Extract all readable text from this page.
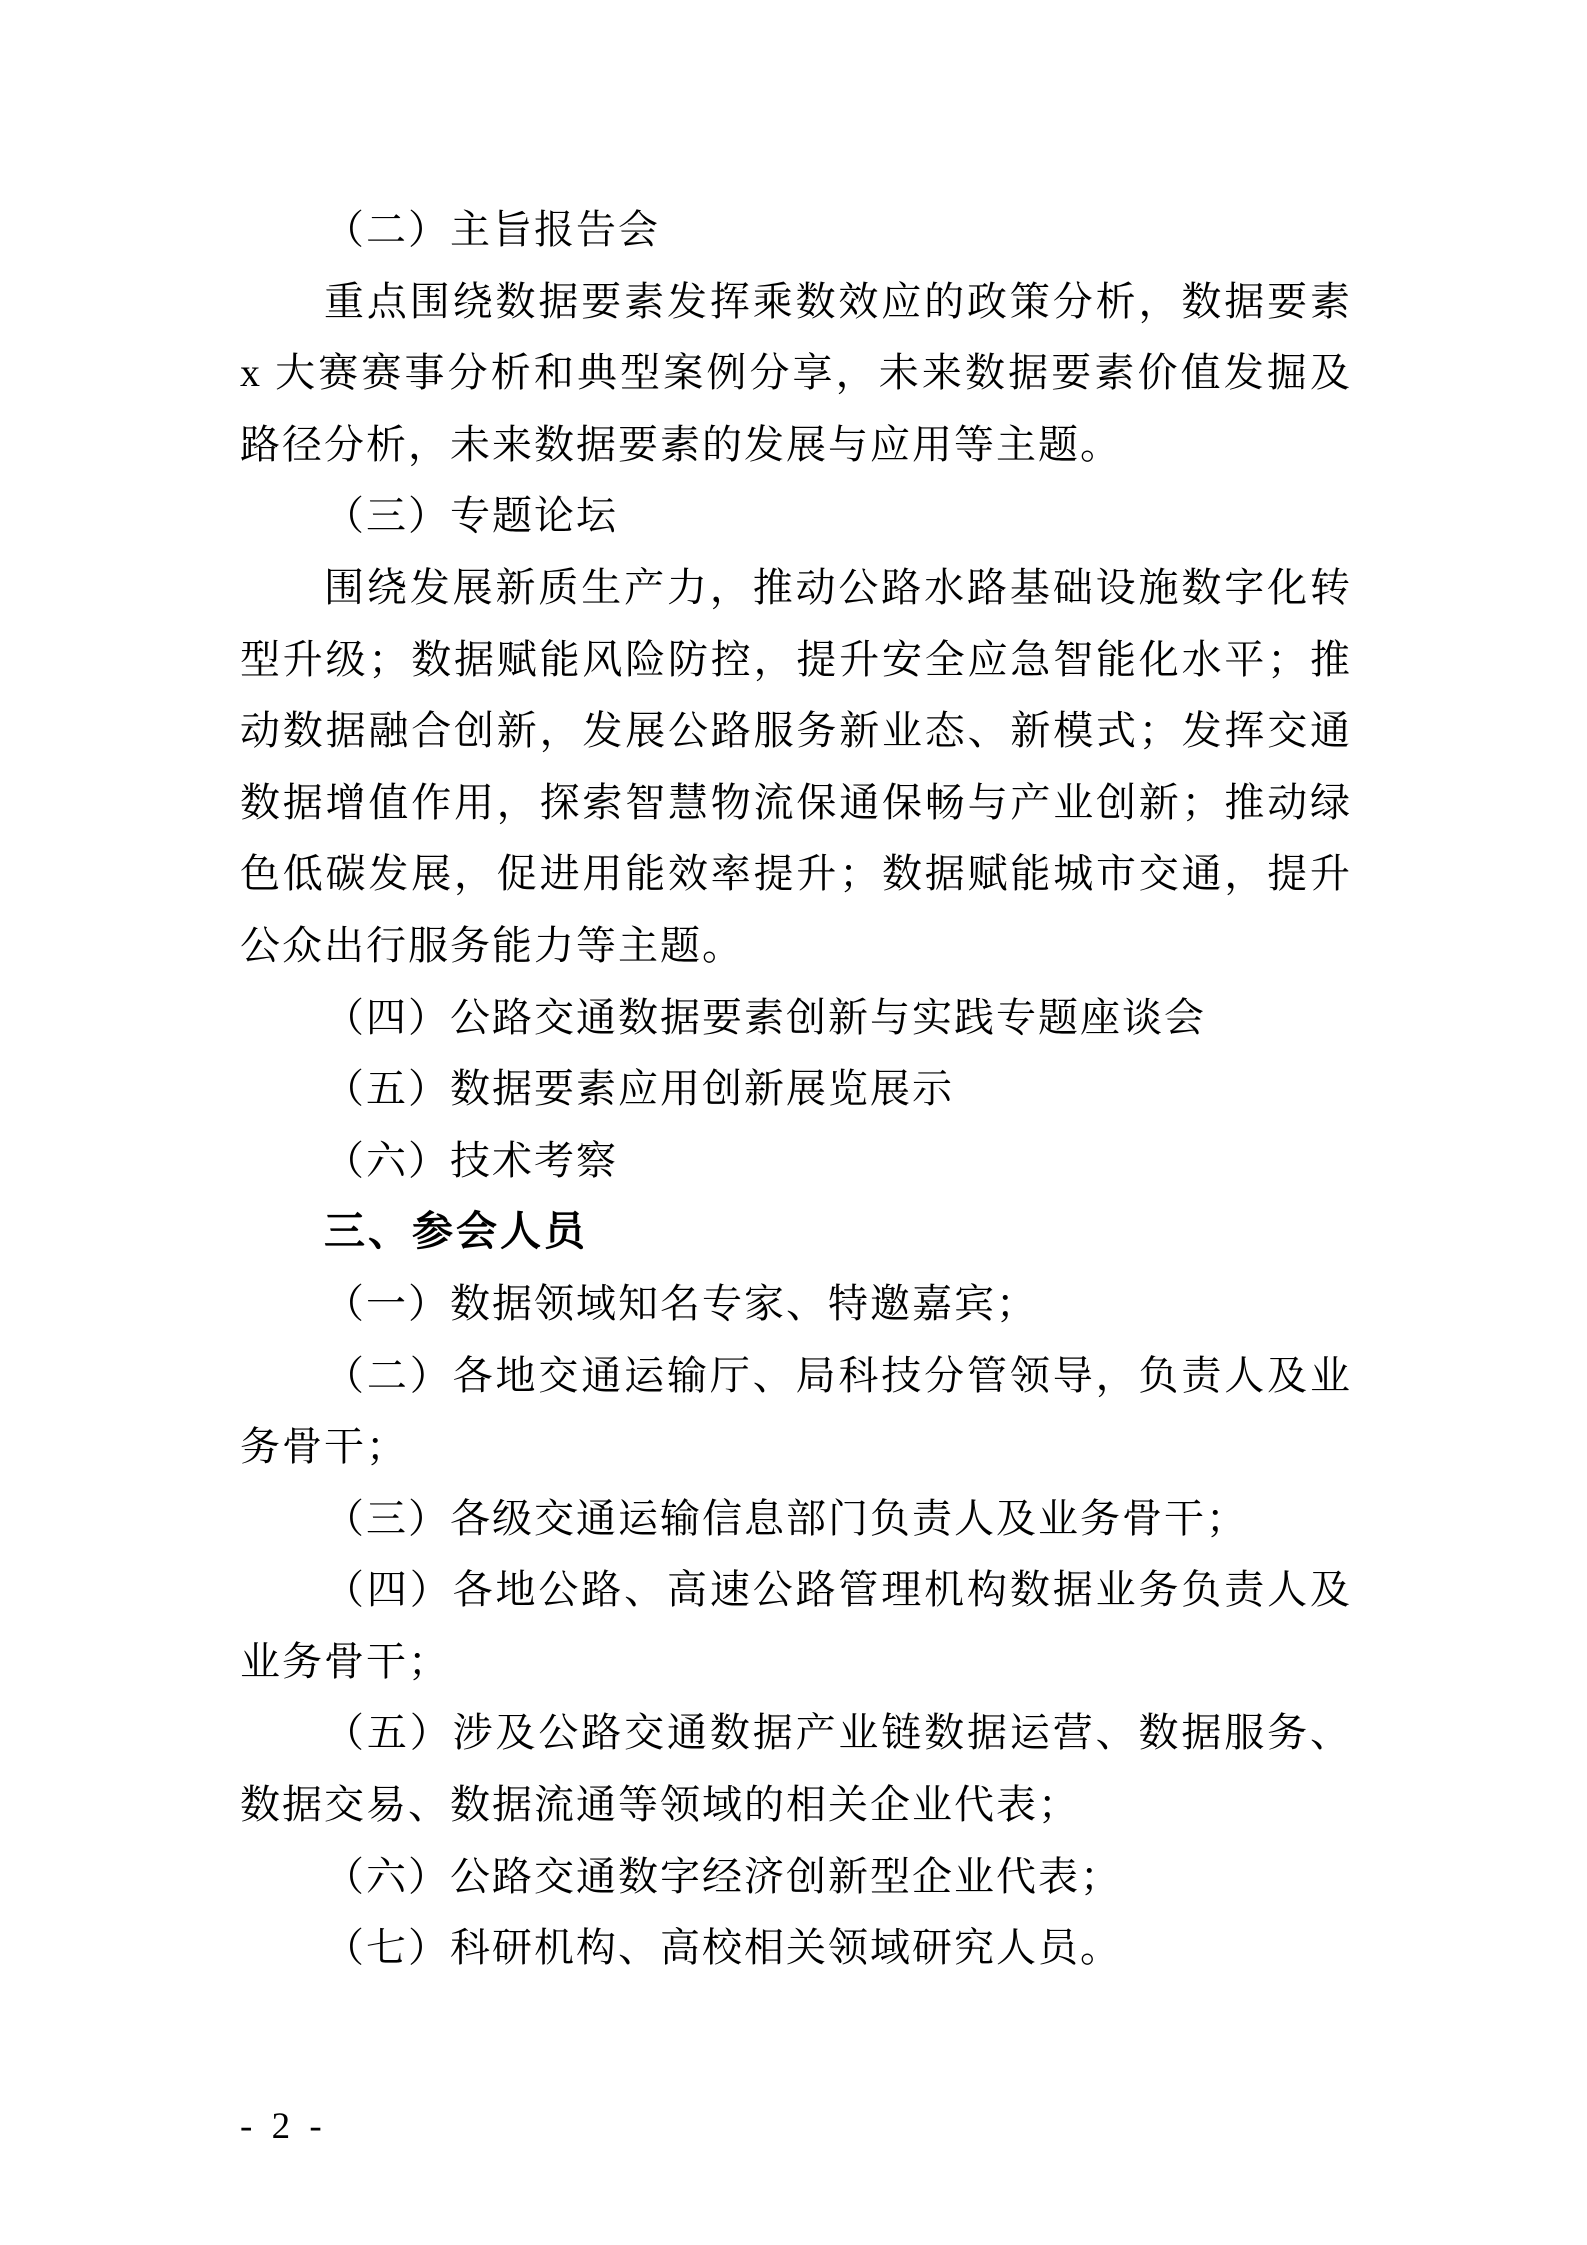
（二）主旨报告会
重点围绕数据要素发挥乘数效应的政策分析，数据要素
x 大赛赛事分析和典型案例分享，未来数据要素价值发掘及
路径分析，未来数据要素的发展与应用等主题。
（三）专题论坛
围绕发展新质生产力，推动公路水路基础设施数字化转
型升级；数据赋能风险防控，提升安全应急智能化水平；推
动数据融合创新，发展公路服务新业态、新模式；发挥交通
数据增值作用，探索智慧物流保通保畅与产业创新；推动绿
色低碳发展，促进用能效率提升；数据赋能城市交通，提升
公众出行服务能力等主题。
（四）公路交通数据要素创新与实践专题座谈会
（五）数据要素应用创新展览展示
（六）技术考察
三、参会人员
（一）数据领域知名专家、特邀嘉宾；
（二）各地交通运输厅、局科技分管领导，负责人及业
务骨干；
（三）各级交通运输信息部门负责人及业务骨干；
（四）各地公路、高速公路管理机构数据业务负责人及
业务骨干；
（五）涉及公路交通数据产业链数据运营、数据服务、
数据交易、数据流通等领域的相关企业代表；
（六）公路交通数字经济创新型企业代表；
（七）科研机构、高校相关领域研究人员。
- 2 -
